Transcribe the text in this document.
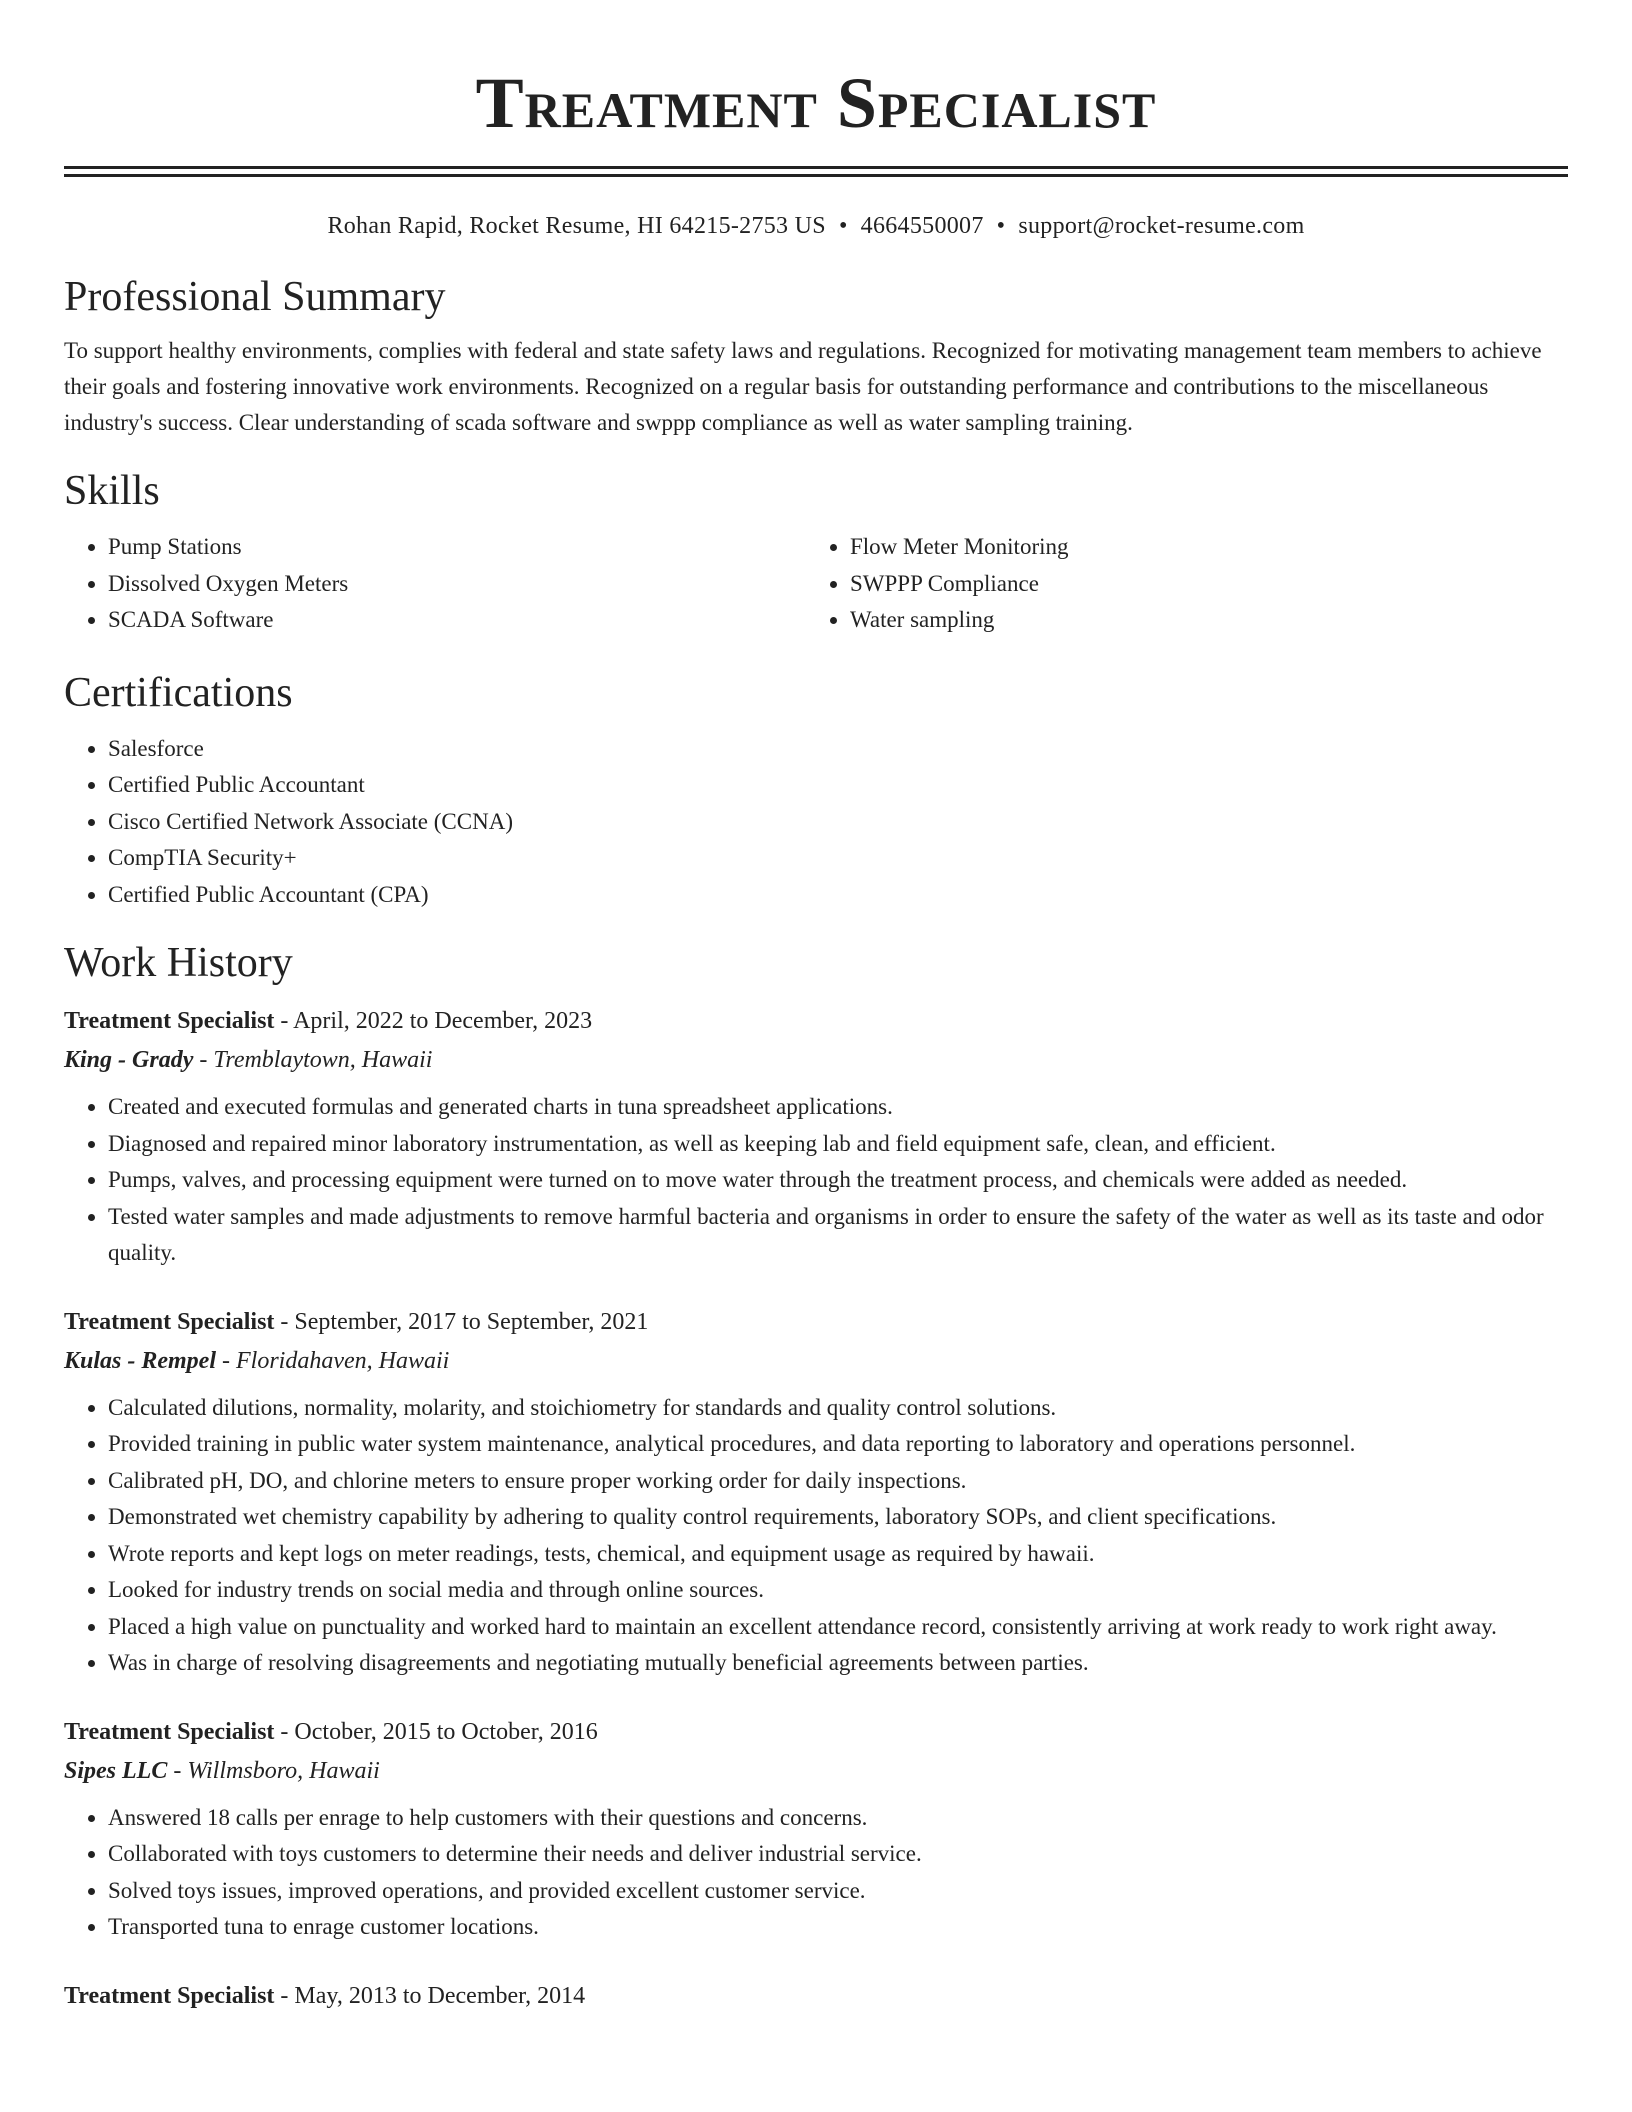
Treatment Specialist
Rohan Rapid, Rocket Resume, HI 64215-2753 US • 4664550007 • support@rocket-resume.com
Professional Summary

To support healthy environments, complies with federal and state safety laws and regulations. Recognized for motivating management team members to achieve their goals and fostering innovative work environments. Recognized on a regular basis for outstanding performance and contributions to the miscellaneous industry's success. Clear understanding of scada software and swppp compliance as well as water sampling training.

Skills
• Pump Stations
• Dissolved Oxygen Meters
• SCADA Software
• Flow Meter Monitoring
• SWPPP Compliance
• Water sampling
Certifications
• Salesforce
• Certified Public Accountant
• Cisco Certified Network Associate (CCNA)
• CompTIA Security+
• Certified Public Accountant (CPA)
Work History
Treatment Specialist - April, 2022 to December, 2023
King - Grady - Tremblaytown, Hawaii
• Created and executed formulas and generated charts in tuna spreadsheet applications.
• Diagnosed and repaired minor laboratory instrumentation, as well as keeping lab and field equipment safe, clean, and efficient.
• Pumps, valves, and processing equipment were turned on to move water through the treatment process, and chemicals were added as needed.
• Tested water samples and made adjustments to remove harmful bacteria and organisms in order to ensure the safety of the water as well as its taste and odor quality.
Treatment Specialist - September, 2017 to September, 2021
Kulas - Rempel - Floridahaven, Hawaii
• Calculated dilutions, normality, molarity, and stoichiometry for standards and quality control solutions.
• Provided training in public water system maintenance, analytical procedures, and data reporting to laboratory and operations personnel.
• Calibrated pH, DO, and chlorine meters to ensure proper working order for daily inspections.
• Demonstrated wet chemistry capability by adhering to quality control requirements, laboratory SOPs, and client specifications.
• Wrote reports and kept logs on meter readings, tests, chemical, and equipment usage as required by hawaii.
• Looked for industry trends on social media and through online sources.
• Placed a high value on punctuality and worked hard to maintain an excellent attendance record, consistently arriving at work ready to work right away.
• Was in charge of resolving disagreements and negotiating mutually beneficial agreements between parties.
Treatment Specialist - October, 2015 to October, 2016
Sipes LLC - Willmsboro, Hawaii
• Answered 18 calls per enrage to help customers with their questions and concerns.
• Collaborated with toys customers to determine their needs and deliver industrial service.
• Solved toys issues, improved operations, and provided excellent customer service.
• Transported tuna to enrage customer locations.
Treatment Specialist - May, 2013 to December, 2014
